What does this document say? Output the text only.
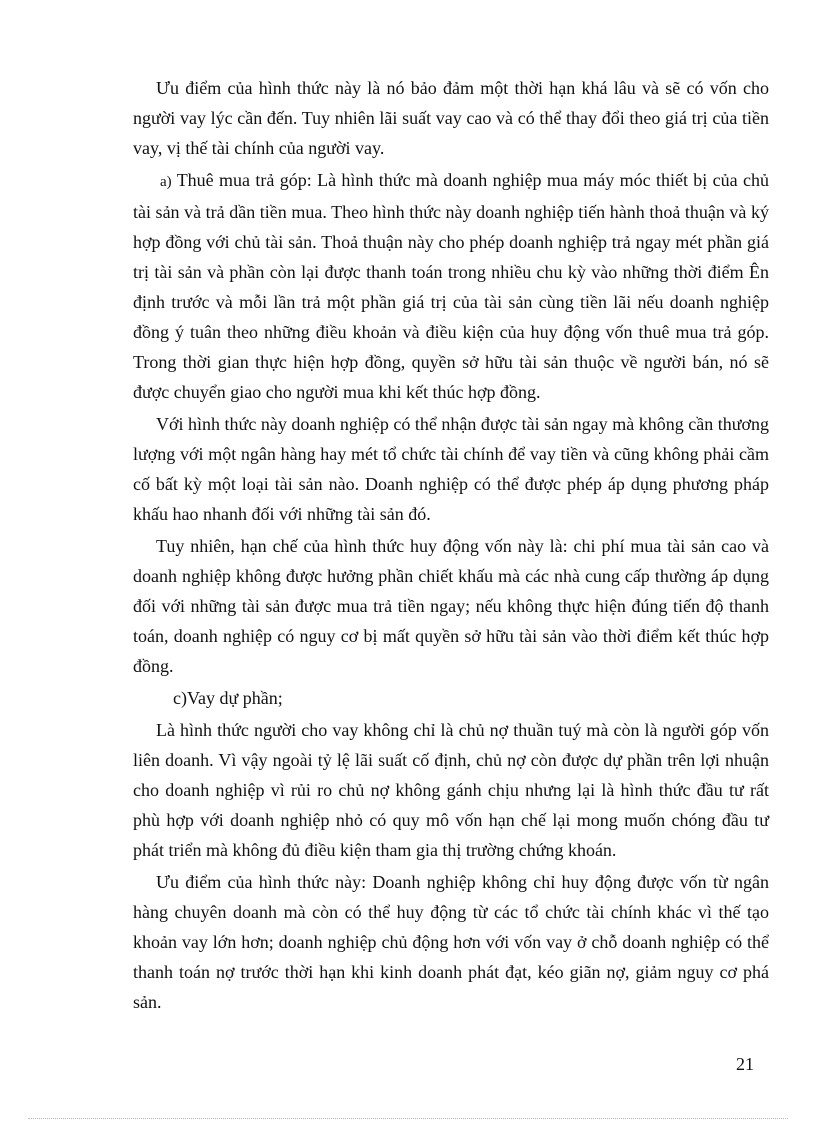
Ưu điểm của hình thức này là nó bảo đảm một thời hạn khá lâu và sẽ có vốn cho người vay lýc cần đến. Tuy nhiên lãi suất vay cao và có thể thay đổi theo giá trị của tiền vay, vị thế tài chính của người vay.

a) Thuê mua trả góp: Là hình thức mà doanh nghiệp mua máy móc thiết bị của chủ tài sản và trả dần tiền mua. Theo hình thức này doanh nghiệp tiến hành thoả thuận và ký hợp đồng với chủ tài sản. Thoả thuận này cho phép doanh nghiệp trả ngay mét phần giá trị tài sản và phần còn lại được thanh toán trong nhiều chu kỳ vào những thời điểm Ên định trước và mỗi lần trả một phần giá trị của tài sản cùng tiền lãi nếu doanh nghiệp đồng ý tuân theo những điều khoản và điều kiện của huy động vốn thuê mua trả góp. Trong thời gian thực hiện hợp đồng, quyền sở hữu tài sản thuộc về người bán, nó sẽ được chuyển giao cho người mua khi kết thúc hợp đồng.

Với hình thức này doanh nghiệp có thể nhận được tài sản ngay mà không cần thương lượng với một ngân hàng hay mét tổ chức tài chính để vay tiền và cũng không phải cầm cố bất kỳ một loại tài sản nào. Doanh nghiệp có thể được phép áp dụng phương pháp khấu hao nhanh đối với những tài sản đó.

Tuy nhiên, hạn chế của hình thức huy động vốn này là: chi phí mua tài sản cao và doanh nghiệp không được hưởng phần chiết khấu mà các nhà cung cấp thường áp dụng đối với những tài sản được mua trả tiền ngay; nếu không thực hiện đúng tiến độ thanh toán, doanh nghiệp có nguy cơ bị mất quyền sở hữu tài sản vào thời điểm kết thúc hợp đồng.

c)Vay dự phần;

Là hình thức người cho vay không chỉ là chủ nợ thuần tuý mà còn là người góp vốn liên doanh. Vì vậy ngoài tỷ lệ lãi suất cố định, chủ nợ còn được dự phần trên lợi nhuận cho doanh nghiệp vì rủi ro chủ nợ không gánh chịu nhưng lại là hình thức đầu tư rất phù hợp với doanh nghiệp nhỏ có quy mô vốn hạn chế lại mong muốn chóng đầu tư phát triển mà không đủ điều kiện tham gia thị trường chứng khoán.

Ưu điểm của hình thức này: Doanh nghiệp không chỉ huy động được vốn từ ngân hàng chuyên doanh mà còn có thể huy động từ các tổ chức tài chính khác vì thế tạo khoản vay lớn hơn; doanh nghiệp chủ động hơn với vốn vay ở chỗ doanh nghiệp có thể thanh toán nợ trước thời hạn khi kinh doanh phát đạt, kéo giãn nợ, giảm nguy cơ phá sản.

21
